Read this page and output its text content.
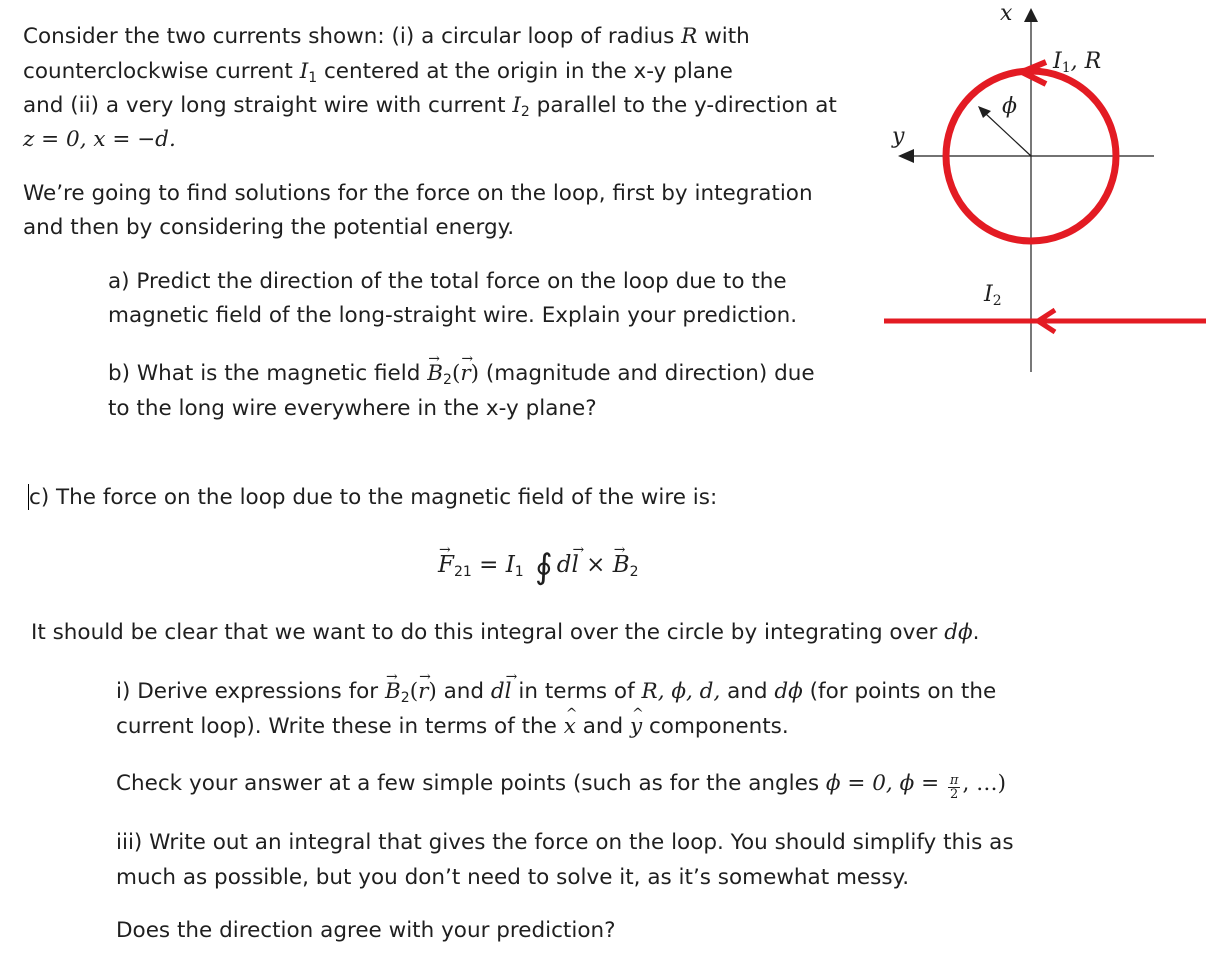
Consider the two currents shown: (i) a circular loop of radius R with
counterclockwise current $I_1$ centered at the origin in the x-y plane
and (ii) a very long straight wire with current $I_2$ parallel to the y-direction at
z = 0, x = −d.
We’re going to find solutions for the force on the loop, first by integration
and then by considering the potential energy.
a) Predict the direction of the total force on the loop due to the
magnetic field of the long-straight wire. Explain your prediction.
b) What is the magnetic field → $B_2(\to r)$ (magnitude and direction) due
to the long wire everywhere in the x-y plane?
c) The force on the loop due to the magnetic field of the wire is:
→ $F_{21} = I_1$ ∮ d→ l × → $B_2$
It should be clear that we want to do this integral over the circle by integrating over dϕ.
i) Derive expressions for → $B_2(\to r)$ and d→ l in terms of R, ϕ, d, and dϕ (for points on the
current loop). Write these in terms of the ^ x and ^ y components.
Check your answer at a few simple points (such as for the angles ϕ = 0, $\phi = \frac{\pi}{2}$ , …)
iii) Write out an integral that gives the force on the loop. You should simplify this as
much as possible, but you don’t need to solve it, as it’s somewhat messy.
Does the direction agree with your prediction?
x
y
ϕ
I1, R
I2
